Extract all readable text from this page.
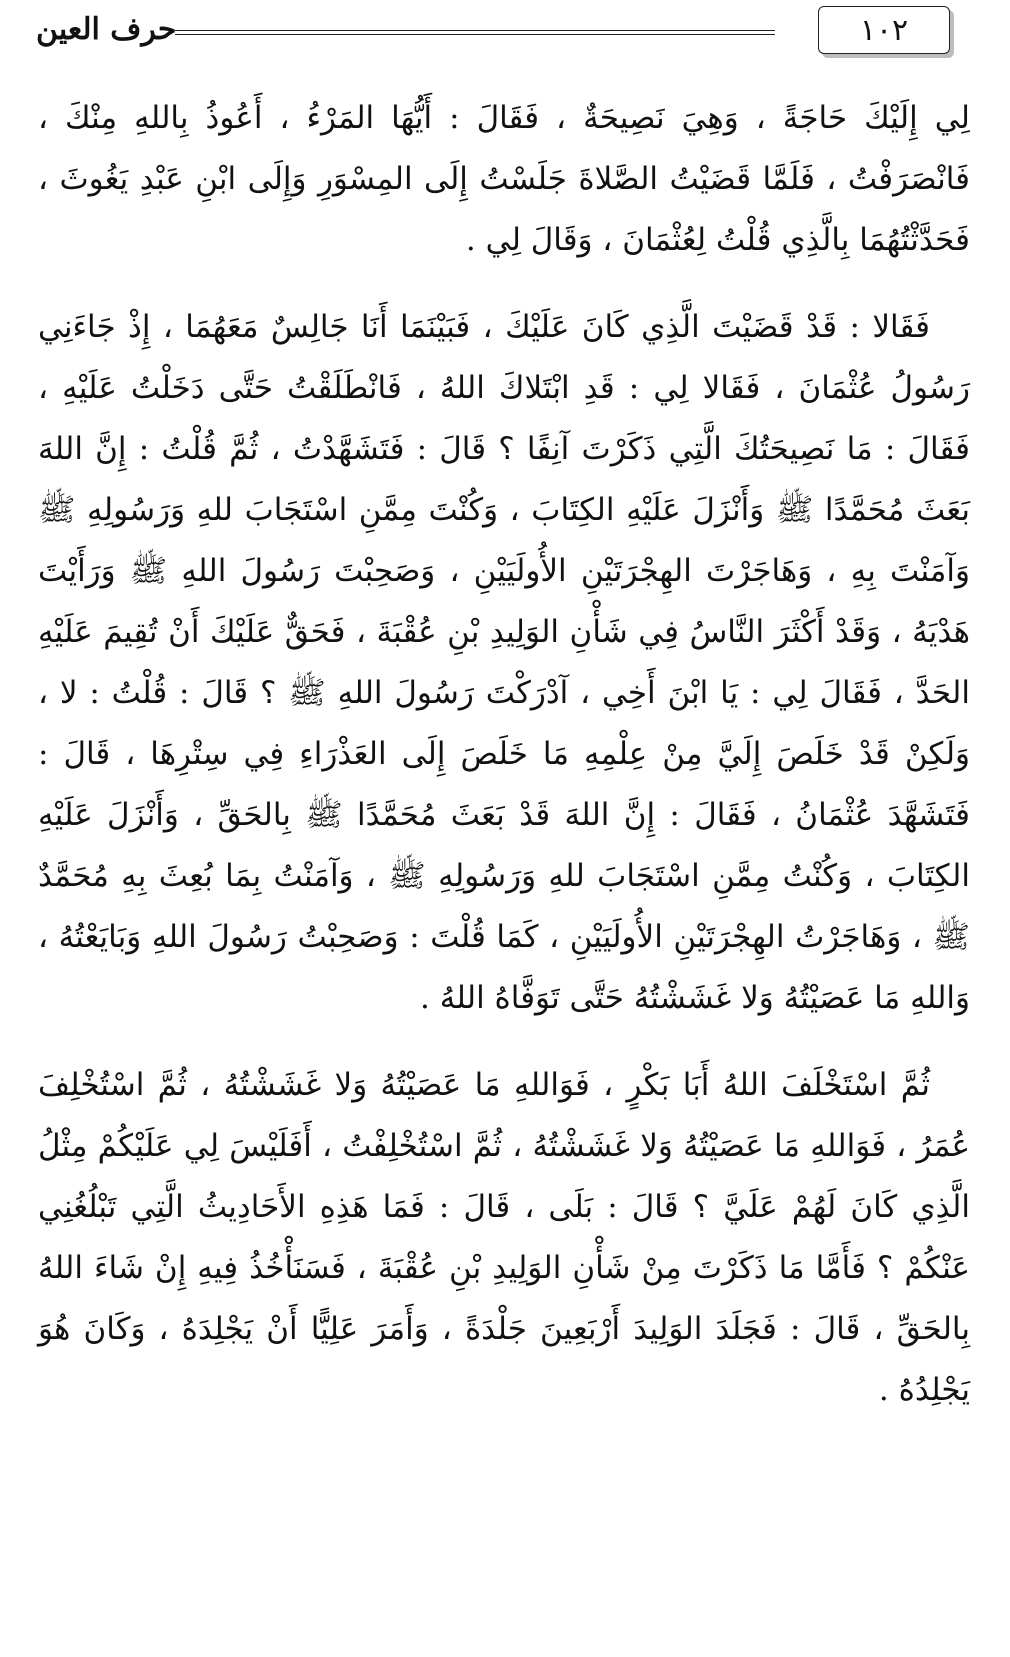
١٠٢
حرف العين

لِي إِلَيْكَ حَاجَةً ، وَهِيَ نَصِيحَةٌ ، فَقَالَ : أَيُّهَا المَرْءُ ، أَعُوذُ بِاللهِ مِنْكَ ، فَانْصَرَفْتُ ، فَلَمَّا قَضَيْتُ الصَّلاةَ جَلَسْتُ إِلَى المِسْوَرِ وَإِلَى ابْنِ عَبْدِ يَغُوثَ ، فَحَدَّثْتُهُمَا بِالَّذِي قُلْتُ لِعُثْمَانَ ، وَقَالَ لِي .

فَقَالا : قَدْ قَضَيْتَ الَّذِي كَانَ عَلَيْكَ ، فَبَيْنَمَا أَنَا جَالِسٌ مَعَهُمَا ، إِذْ جَاءَنِي رَسُولُ عُثْمَانَ ، فَقَالا لِي : قَدِ ابْتَلاكَ اللهُ ، فَانْطَلَقْتُ حَتَّى دَخَلْتُ عَلَيْهِ ، فَقَالَ : مَا نَصِيحَتُكَ الَّتِي ذَكَرْتَ آنِفًا ؟ قَالَ : فَتَشَهَّدْتُ ، ثُمَّ قُلْتُ : إِنَّ اللهَ بَعَثَ مُحَمَّدًا ﷺ وَأَنْزَلَ عَلَيْهِ الكِتَابَ ، وَكُنْتَ مِمَّنِ اسْتَجَابَ للهِ وَرَسُولِهِ ﷺ وَآمَنْتَ بِهِ ، وَهَاجَرْتَ الهِجْرَتَيْنِ الأُولَيَيْنِ ، وَصَحِبْتَ رَسُولَ اللهِ ﷺ وَرَأَيْتَ هَدْيَهُ ، وَقَدْ أَكْثَرَ النَّاسُ فِي شَأْنِ الوَلِيدِ بْنِ عُقْبَةَ ، فَحَقٌّ عَلَيْكَ أَنْ تُقِيمَ عَلَيْهِ الحَدَّ ، فَقَالَ لِي : يَا ابْنَ أَخِي ، آدْرَكْتَ رَسُولَ اللهِ ﷺ ؟ قَالَ : قُلْتُ : لا ، وَلَكِنْ قَدْ خَلَصَ إِلَيَّ مِنْ عِلْمِهِ مَا خَلَصَ إِلَى العَذْرَاءِ فِي سِتْرِهَا ، قَالَ : فَتَشَهَّدَ عُثْمَانُ ، فَقَالَ : إِنَّ اللهَ قَدْ بَعَثَ مُحَمَّدًا ﷺ بِالحَقِّ ، وَأَنْزَلَ عَلَيْهِ الكِتَابَ ، وَكُنْتُ مِمَّنِ اسْتَجَابَ للهِ وَرَسُولِهِ ﷺ ، وَآمَنْتُ بِمَا بُعِثَ بِهِ مُحَمَّدٌ ﷺ ، وَهَاجَرْتُ الهِجْرَتَيْنِ الأُولَيَيْنِ ، كَمَا قُلْتَ : وَصَحِبْتُ رَسُولَ اللهِ وَبَايَعْتُهُ ، وَاللهِ مَا عَصَيْتُهُ وَلا غَشَشْتُهُ حَتَّى تَوَفَّاهُ اللهُ .

ثُمَّ اسْتَخْلَفَ اللهُ أَبَا بَكْرٍ ، فَوَاللهِ مَا عَصَيْتُهُ وَلا غَشَشْتُهُ ، ثُمَّ اسْتُخْلِفَ عُمَرُ ، فَوَاللهِ مَا عَصَيْتُهُ وَلا غَشَشْتُهُ ، ثُمَّ اسْتُخْلِفْتُ ، أَفَلَيْسَ لِي عَلَيْكُمْ مِثْلُ الَّذِي كَانَ لَهُمْ عَلَيَّ ؟ قَالَ : بَلَى ، قَالَ : فَمَا هَذِهِ الأَحَادِيثُ الَّتِي تَبْلُغُنِي عَنْكُمْ ؟ فَأَمَّا مَا ذَكَرْتَ مِنْ شَأْنِ الوَلِيدِ بْنِ عُقْبَةَ ، فَسَنَأْخُذُ فِيهِ إِنْ شَاءَ اللهُ بِالحَقِّ ، قَالَ : فَجَلَدَ الوَلِيدَ أَرْبَعِينَ جَلْدَةً ، وَأَمَرَ عَلِيًّا أَنْ يَجْلِدَهُ ، وَكَانَ هُوَ يَجْلِدُهُ .
